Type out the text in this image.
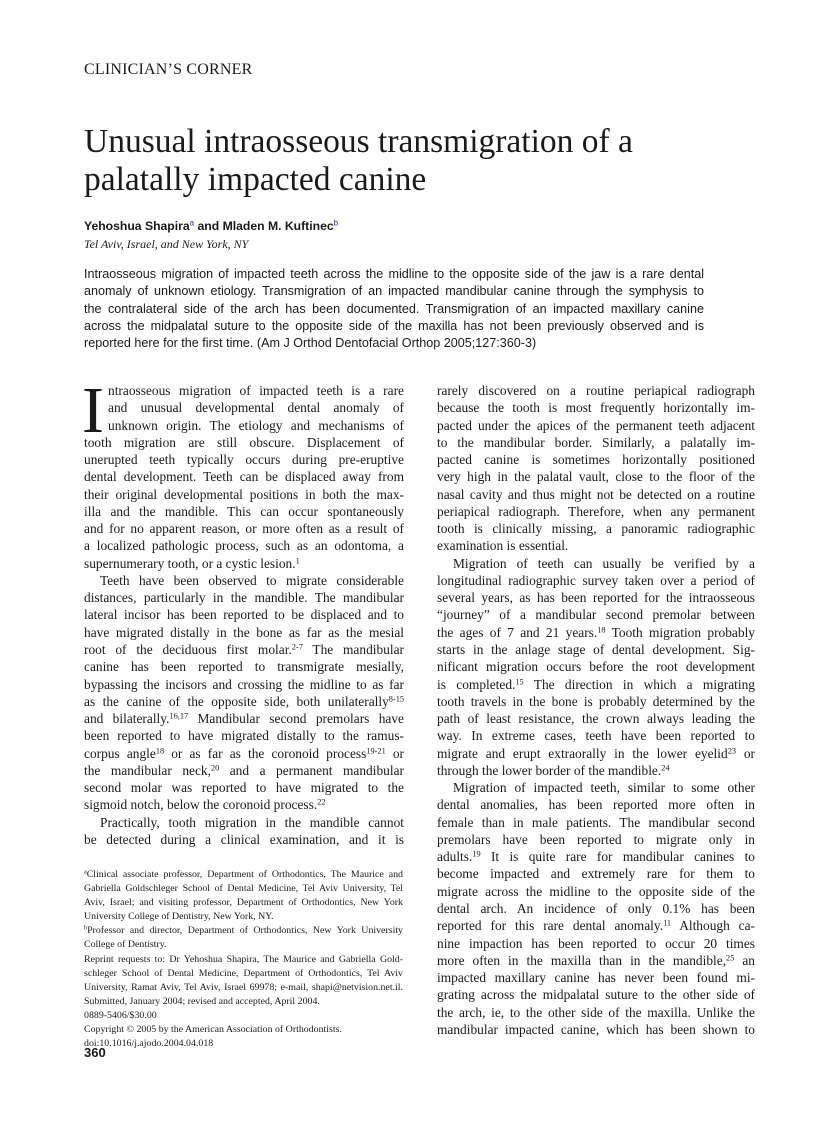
CLINICIAN’S CORNER
Unusual intraosseous transmigration of a
palatally impacted canine
Yehoshua Shapira$^a$ and Mladen M. Kuftinec$^b$
Tel Aviv, Israel, and New York, NY
Intraosseous migration of impacted teeth across the midline to the opposite side of the jaw is a rare dental
anomaly of unknown etiology. Transmigration of an impacted mandibular canine through the symphysis to
the contralateral side of the arch has been documented. Transmigration of an impacted maxillary canine
across the midpalatal suture to the opposite side of the maxilla has not been previously observed and is
reported here for the first time. (Am J Orthod Dentofacial Orthop 2005;127:360-3)
I ntraosseous migration of impacted teeth is a rare
and unusual developmental dental anomaly of
unknown origin. The etiology and mechanisms of
tooth migration are still obscure. Displacement of
unerupted teeth typically occurs during pre-eruptive
dental development. Teeth can be displaced away from
their original developmental positions in both the max-
illa and the mandible. This can occur spontaneously
and for no apparent reason, or more often as a result of
a localized pathologic process, such as an odontoma, a
supernumerary tooth, or a cystic lesion.$^1$
Teeth have been observed to migrate considerable
distances, particularly in the mandible. The mandibular
lateral incisor has been reported to be displaced and to
have migrated distally in the bone as far as the mesial
root of the deciduous first molar.$^{2-7}$ The mandibular
canine has been reported to transmigrate mesially,
bypassing the incisors and crossing the midline to as far
as the canine of the opposite side, both unilaterally$^{8-15}$
and bilaterally.$^{16,17}$ Mandibular second premolars have
been reported to have migrated distally to the ramus-
corpus angle$^{18}$ or as far as the coronoid process$^{19-21}$ or
the mandibular neck,$^{20}$ and a permanent mandibular
second molar was reported to have migrated to the
sigmoid notch, below the coronoid process.$^{22}$
Practically, tooth migration in the mandible cannot
be detected during a clinical examination, and it is
rarely discovered on a routine periapical radiograph
because the tooth is most frequently horizontally im-
pacted under the apices of the permanent teeth adjacent
to the mandibular border. Similarly, a palatally im-
pacted canine is sometimes horizontally positioned
very high in the palatal vault, close to the floor of the
nasal cavity and thus might not be detected on a routine
periapical radiograph. Therefore, when any permanent
tooth is clinically missing, a panoramic radiographic
examination is essential.
Migration of teeth can usually be verified by a
longitudinal radiographic survey taken over a period of
several years, as has been reported for the intraosseous
“journey” of a mandibular second premolar between
the ages of 7 and 21 years.$^{18}$ Tooth migration probably
starts in the anlage stage of dental development. Sig-
nificant migration occurs before the root development
is completed.$^{15}$ The direction in which a migrating
tooth travels in the bone is probably determined by the
path of least resistance, the crown always leading the
way. In extreme cases, teeth have been reported to
migrate and erupt extraorally in the lower eyelid$^{23}$ or
through the lower border of the mandible.$^{24}$
Migration of impacted teeth, similar to some other
dental anomalies, has been reported more often in
female than in male patients. The mandibular second
premolars have been reported to migrate only in
adults.$^{19}$ It is quite rare for mandibular canines to
become impacted and extremely rare for them to
migrate across the midline to the opposite side of the
dental arch. An incidence of only 0.1% has been
reported for this rare dental anomaly.$^{11}$ Although ca-
nine impaction has been reported to occur 20 times
more often in the maxilla than in the mandible,$^{25}$ an
impacted maxillary canine has never been found mi-
grating across the midpalatal suture to the other side of
the arch, ie, to the other side of the maxilla. Unlike the
mandibular impacted canine, which has been shown to
$^a$Clinical associate professor, Department of Orthodontics, The Maurice and
Gabriella Goldschleger School of Dental Medicine, Tel Aviv University, Tel
Aviv, Israel; and visiting professor, Department of Orthodontics, New York
University College of Dentistry, New York, NY.
$^b$Professor and director, Department of Orthodontics, New York University
College of Dentistry.
Reprint requests to: Dr Yehoshua Shapira, The Maurice and Gabriella Gold-
schleger School of Dental Medicine, Department of Orthodontics, Tel Aviv
University, Ramat Aviv, Tel Aviv, Israel 69978; e-mail, shapi@netvision.net.il.
Submitted, January 2004; revised and accepted, April 2004.
0889-5406/$30.00
Copyright © 2005 by the American Association of Orthodontists.
doi:10.1016/j.ajodo.2004.04.018
360
